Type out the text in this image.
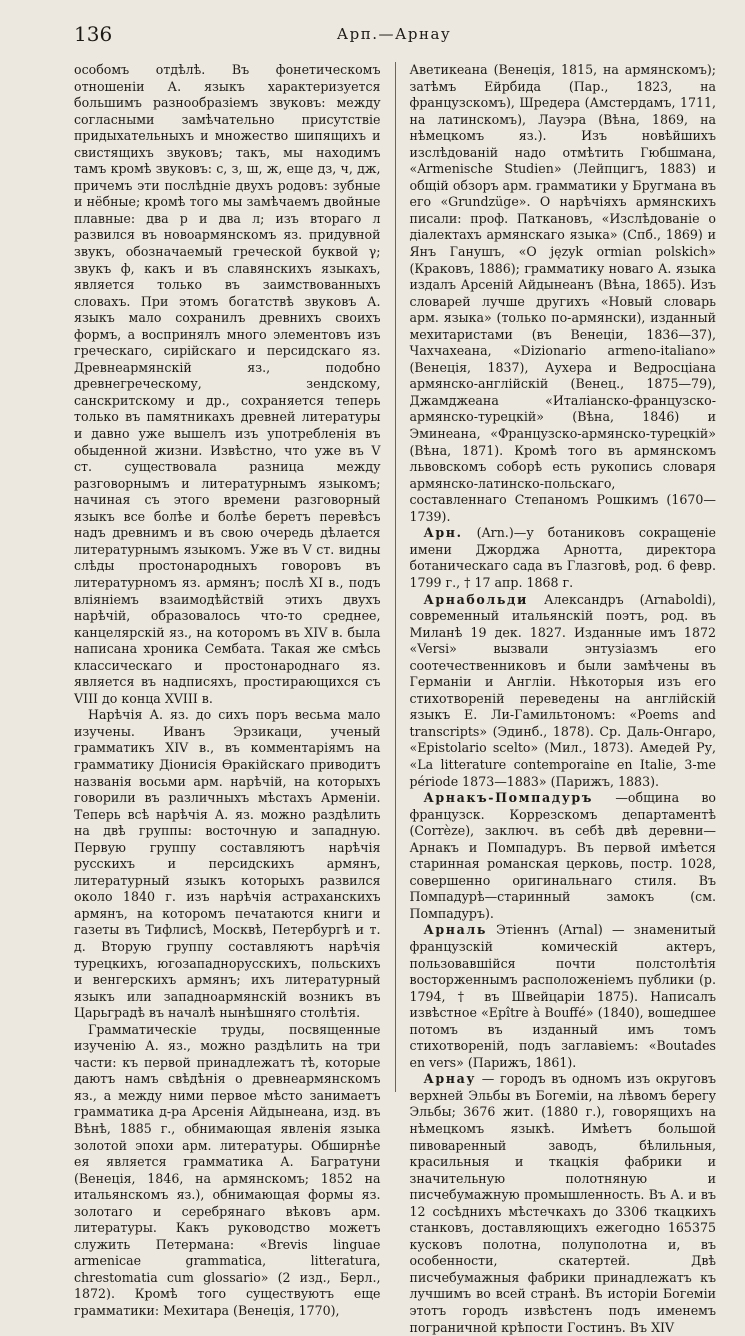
136	Арп.—Арнау

особомъ отдѣлѣ. Въ фонетическомъ отношеніи А. языкъ характеризуется большимъ разнообразіемъ звуковъ: между согласными замѣчательно присутствіе придыхательныхъ и множество шипящихъ и свистящихъ звуковъ; такъ, мы находимъ тамъ кромѣ звуковъ: с, з, ш, ж, еще дз, ч, дж, причемъ эти послѣдніе двухъ родовъ: зубные и нёбные; кромѣ того мы замѣчаемъ двойные плавные: два р и два л; изъ втораго л развился въ новоармянскомъ яз. придувной звукъ, обозначаемый греческой буквой γ; звукъ ф, какъ и въ славянскихъ языкахъ, является только въ заимствованныхъ словахъ. При этомъ богатствѣ звуковъ А. языкъ мало сохранилъ древнихъ своихъ формъ, а воспринялъ много элементовъ изъ греческаго, сирійскаго и персидскаго яз. Древнеармянскій яз., подобно древнегреческому, зендскому, санскритскому и др., сохраняется теперь только въ памятникахъ древней литературы и давно уже вышелъ изъ употребленія въ обыденной жизни. Извѣстно, что уже въ V ст. существовала разница между разговорнымъ и литературнымъ языкомъ; начиная съ этого времени разговорный языкъ все болѣе и болѣе беретъ перевѣсъ надъ древнимъ и въ свою очередь дѣлается литературнымъ языкомъ. Уже въ V ст. видны слѣды простонародныхъ говоровъ въ литературномъ яз. армянъ; послѣ XI в., подъ вліяніемъ взаимодѣйствій этихъ двухъ нарѣчій, образовалось что-то среднее, канцелярскій яз., на которомъ въ XIV в. была написана хроника Сембата. Такая же смѣсь классическаго и простонароднаго яз. является въ надписяхъ, простирающихся съ VIII до конца XVIII в.

Нарѣчія А. яз. до сихъ поръ весьма мало изучены. Иванъ Эрзикаци, ученый грамматикъ XIV в., въ комментаріямъ на грамматику Діонисія Ѳракійскаго приводитъ названія восьми арм. нарѣчій, на которыхъ говорили въ различныхъ мѣстахъ Арменіи. Теперь всѣ нарѣчія А. яз. можно раздѣлить на двѣ группы: восточную и западную. Первую группу составляютъ нарѣчія русскихъ и персидскихъ армянъ, литературный языкъ которыхъ развился около 1840 г. изъ нарѣчія астраханскихъ армянъ, на которомъ печатаются книги и газеты въ Тифлисѣ, Москвѣ, Петербургѣ и т. д. Вторую группу составляютъ нарѣчія турецкихъ, югозападнорусскихъ, польскихъ и венгерскихъ армянъ; ихъ литературный языкъ или западноармянскій возникъ въ Царьградѣ въ началѣ нынѣшняго столѣтія.

Грамматическіе труды, посвященные изученію А. яз., можно раздѣлить на три части: къ первой принадлежатъ тѣ, которые даютъ намъ свѣдѣнія о древнеармянскомъ яз., а между ними первое мѣсто занимаетъ грамматика д-ра Арсенія Айдынеана, изд. въ Вѣнѣ, 1885 г., обнимающая явленія языка золотой эпохи арм. литературы. Обширнѣе ея является грамматика А. Багратуни (Венеція, 1846, на армянскомъ; 1852 на итальянскомъ яз.), обнимающая формы яз. золотаго и серебрянаго вѣковъ арм. литературы. Какъ руководство можетъ служить Петермана: «Brevis linguae armenicae grammatica, litteratura, chrestomatia cum glossario» (2 изд., Берл., 1872). Кромѣ того существуютъ еще грамматики: Мехитара (Венеція, 1770),

Аветикеана (Венеція, 1815, на армянскомъ); затѣмъ Ейрбида (Пар., 1823, на французскомъ), Шредера (Амстердамъ, 1711, на латинскомъ), Лауэра (Вѣна, 1869, на нѣмецкомъ яз.). Изъ новѣйшихъ изслѣдованій надо отмѣтить Гюбшмана, «Armenische Studien» (Лейпцигъ, 1883) и общій обзоръ арм. грамматики у Бругмана въ его «Grundzüge». О нарѣчіяхъ армянскихъ писали: проф. Паткановъ, «Изслѣдованіе о діалектахъ армянскаго языка» (Спб., 1869) и Янъ Ганушъ, «O język ormian polskich» (Краковъ, 1886); грамматику новаго А. языка издалъ Арсеній Айдынеанъ (Вѣна, 1865). Изъ словарей лучше другихъ «Новый словарь арм. языка» (только по-армянски), изданный мехитаристами (въ Венеціи, 1836—37), Чахчахеана, «Dizionario armeno-italiano» (Венеція, 1837), Аухера и Ведросціана армянско-англійскій (Венец., 1875—79), Джамджеана «Италіанско-французско-армянско-турецкій» (Вѣна, 1846) и Эминеана, «Французско-армянско-турецкій» (Вѣна, 1871). Кромѣ того въ армянскомъ львовскомъ соборѣ есть рукопись словаря армянско-латинско-польскаго, составленнаго Степаномъ Рошкимъ (1670—1739).

Арн. (Arn.)—у ботаниковъ сокращеніе имени Джорджа Арнотта, директора ботаническаго сада въ Глазговѣ, род. 6 февр. 1799 г., † 17 апр. 1868 г.

Арнабольди Александръ (Arnaboldi), современный итальянскій поэтъ, род. въ Миланѣ 19 дек. 1827. Изданные имъ 1872 «Versi» вызвали энтузіазмъ его соотечественниковъ и были замѣчены въ Германіи и Англіи. Нѣкоторыя изъ его стихотвореній переведены на англійскій языкъ Е. Ли-Гамильтономъ: «Poems and transcripts» (Эдинб., 1878). Ср. Даль-Онгаро, «Epistolario scelto» (Мил., 1873). Амедей Ру, «La litterature contemporaine en Italie, 3-me période 1873—1883» (Парижъ, 1883).

Арнакъ-Помпадуръ —община во французск. Коррезскомъ департаментѣ (Corrèze), заключ. въ себѣ двѣ деревни—Арнакъ и Помпадуръ. Въ первой имѣется старинная романская церковь, постр. 1028, совершенно оригинальнаго стиля. Въ Помпадурѣ—старинный замокъ (см. Помпадуръ).

Арналь Этіеннъ (Arnal) — знаменитый французскій комическій актеръ, пользовавшійся почти полстолѣтія восторженнымъ расположеніемъ публики (р. 1794, † въ Швейцаріи 1875). Написалъ извѣстное «Epître à Bouffé» (1840), вошедшее потомъ въ изданный имъ томъ стихотвореній, подъ заглавіемъ: «Boutades en vers» (Парижъ, 1861).

Арнау — городъ въ одномъ изъ округовъ верхней Эльбы въ Богеміи, на лѣвомъ берегу Эльбы; 3676 жит. (1880 г.), говорящихъ на нѣмецкомъ языкѣ. Имѣетъ большой пивоваренный заводъ, бѣлильныя, красильныя и ткацкія фабрики и значительную полотняную и писчебумажную промышленность. Въ А. и въ 12 сосѣднихъ мѣстечкахъ до 3306 ткацкихъ станковъ, доставляющихъ ежегодно 165375 кусковъ полотна, полуполотна и, въ особенности, скатертей. Двѣ писчебумажныя фабрики принадлежатъ къ лучшимъ во всей странѣ. Въ исторіи Богеміи этотъ городъ извѣстенъ подъ именемъ пограничной крѣпости Гостинъ. Въ XIV
